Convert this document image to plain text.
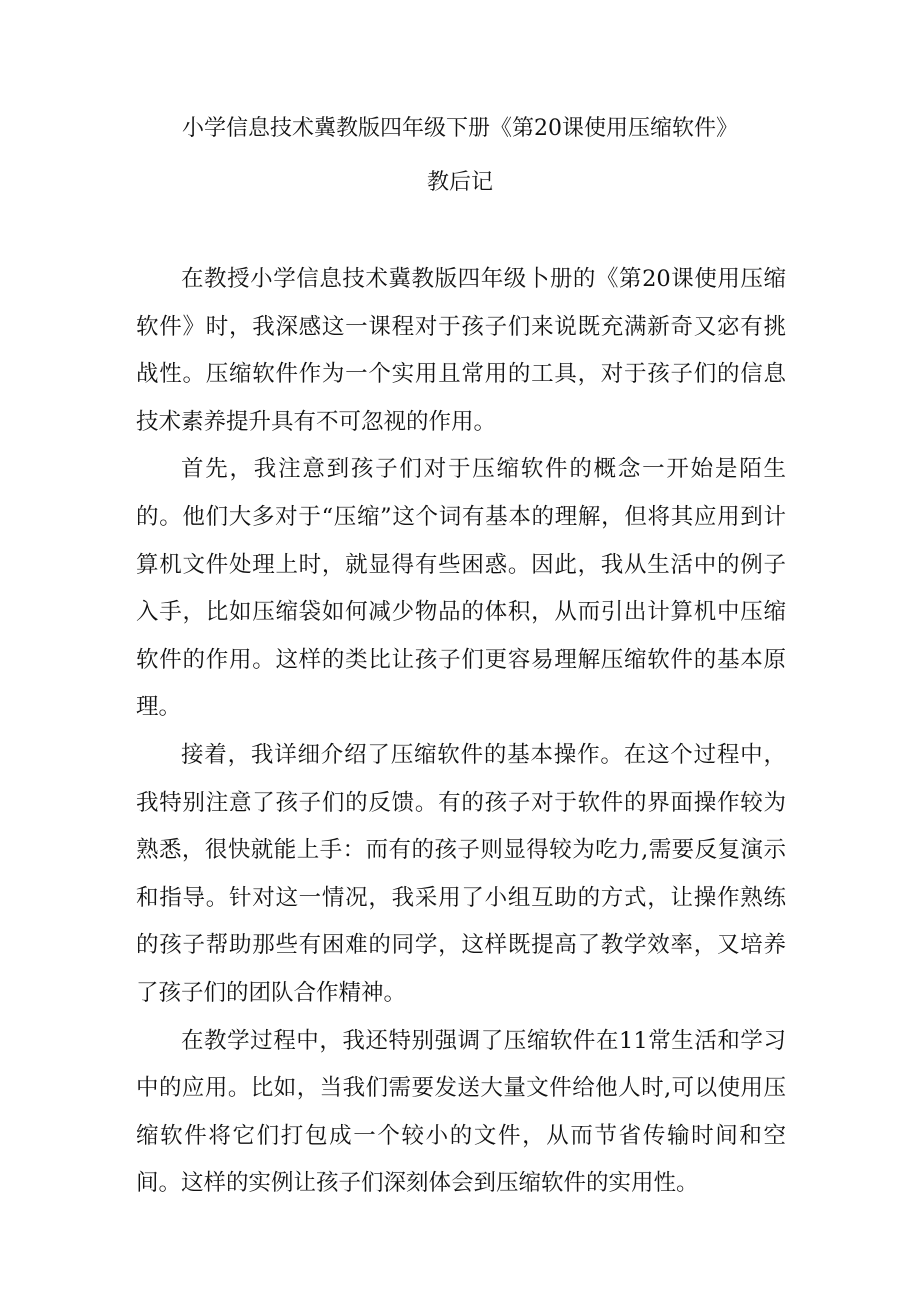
小学信息技术冀教版四年级下册《第20课使用压缩软件》
教后记

在教授小学信息技术冀教版四年级卜册的《第20课使用压缩软件》时，我深感这一课程对于孩子们来说既充满新奇又宓有挑战性。压缩软件作为一个实用且常用的工具，对于孩子们的信息技术素养提升具有不可忽视的作用。

首先，我注意到孩子们对于压缩软件的概念一开始是陌生的。他们大多对于“压缩”这个词有基本的理解，但将其应用到计算机文件处理上时，就显得有些困惑。因此，我从生活中的例子入手，比如压缩袋如何减少物品的体积，从而引出计算机中压缩软件的作用。这样的类比让孩子们更容易理解压缩软件的基本原理。

接着，我详细介绍了压缩软件的基本操作。在这个过程中，我特别注意了孩子们的反馈。有的孩子对于软件的界面操作较为熟悉，很快就能上手：而有的孩子则显得较为吃力,需要反复演示和指导。针对这一情况，我采用了小组互助的方式，让操作熟练的孩子帮助那些有困难的同学，这样既提高了教学效率，又培养了孩子们的团队合作精神。

在教学过程中，我还特别强调了压缩软件在11常生活和学习中的应用。比如，当我们需要发送大量文件给他人时,可以使用压缩软件将它们打包成一个较小的文件，从而节省传输时间和空间。这样的实例让孩子们深刻体会到压缩软件的实用性。
